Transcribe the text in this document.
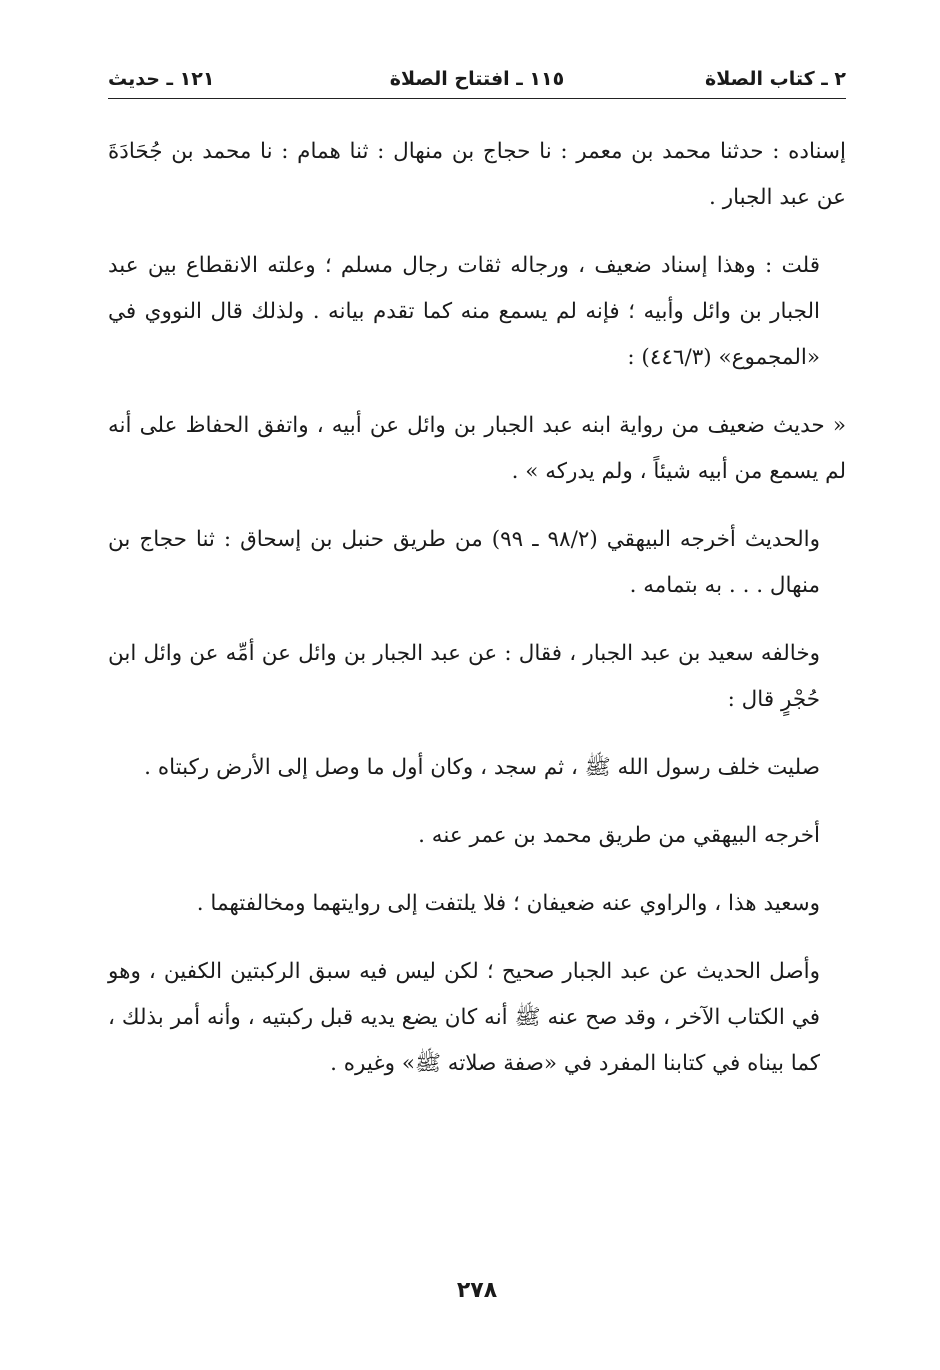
٢ ـ كتاب الصلاة
١١٥ ـ افتتاح الصلاة
١٢١ ـ حديث

إسناده : حدثنا محمد بن معمر : نا حجاج بن منهال : ثنا همام : نا محمد بن جُحَادَةَ عن عبد الجبار .

قلت : وهذا إسناد ضعيف ، ورجاله ثقات رجال مسلم ؛ وعلته الانقطاع بين عبد الجبار بن وائل وأبيه ؛ فإنه لم يسمع منه كما تقدم بيانه . ولذلك قال النووي في «المجموع» (٤٤٦/٣) :

« حديث ضعيف من رواية ابنه عبد الجبار بن وائل عن أبيه ، واتفق الحفاظ على أنه لم يسمع من أبيه شيئاً ، ولم يدركه » .

والحديث أخرجه البيهقي (٩٨/٢ ـ ٩٩) من طريق حنبل بن إسحاق : ثنا حجاج بن منهال . . . به بتمامه .

وخالفه سعيد بن عبد الجبار ، فقال : عن عبد الجبار بن وائل عن أمِّه عن وائل ابن حُجْرٍ قال :

صليت خلف رسول الله ﷺ ، ثم سجد ، وكان أول ما وصل إلى الأرض ركبتاه .

أخرجه البيهقي من طريق محمد بن عمر عنه .

وسعيد هذا ، والراوي عنه ضعيفان ؛ فلا يلتفت إلى روايتهما ومخالفتهما .

وأصل الحديث عن عبد الجبار صحيح ؛ لكن ليس فيه سبق الركبتين الكفين ، وهو في الكتاب الآخر ، وقد صح عنه ﷺ أنه كان يضع يديه قبل ركبتيه ، وأنه أمر بذلك ، كما بيناه في كتابنا المفرد في «صفة صلاته ﷺ» وغيره .

٢٧٨
